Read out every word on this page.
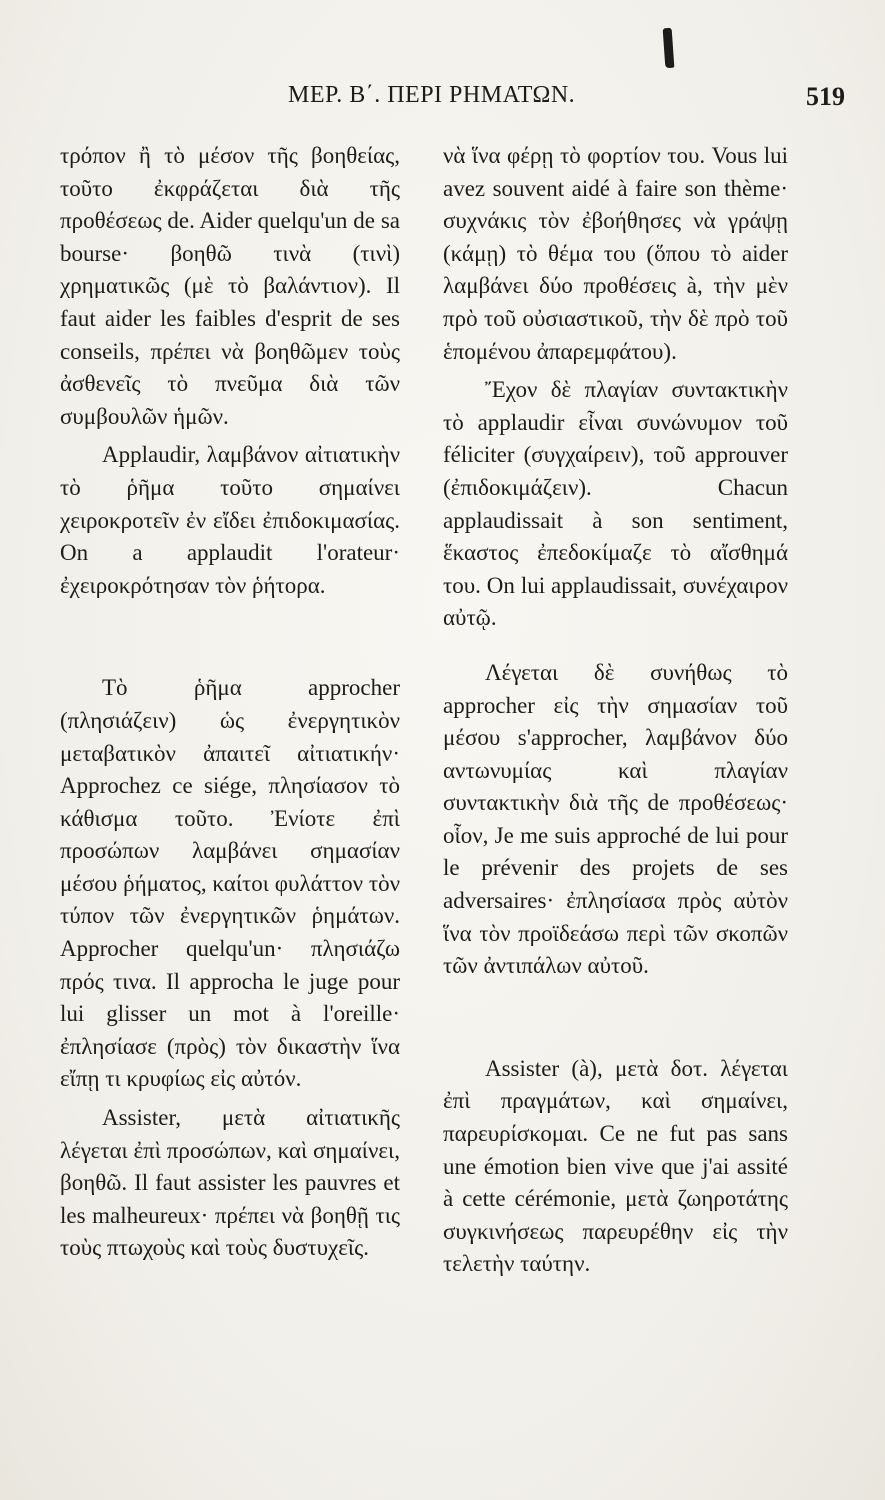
ΜΕΡ. Β΄. ΠΕΡΙ ΡΗΜΑΤΩΝ.	519

τρόπον ἢ τὸ μέσον τῆς βοηθείας, τοῦτο ἐκφράζεται διὰ τῆς προθέσεως de. Aider quelqu'un de sa bourse· βοηθῶ τινὰ (τινὶ) χρηματικῶς (μὲ τὸ βαλάντιον). Il faut aider les faibles d'esprit de ses conseils, πρέπει νὰ βοηθῶμεν τοὺς ἀσθενεῖς τὸ πνεῦμα διὰ τῶν συμβουλῶν ἡμῶν.

Applaudir, λαμβάνον αἰτιατικὴν τὸ ῥῆμα τοῦτο σημαίνει χειροκροτεῖν ἐν εἴδει ἐπιδοκιμασίας. On a applaudit l'orateur· ἐχειροκρότησαν τὸν ῥήτορα.

Τὸ ῥῆμα approcher (πλησιάζειν) ὡς ἐνεργητικὸν μεταβατικὸν ἀπαιτεῖ αἰτιατικήν· Approchez ce siége, πλησίασον τὸ κάθισμα τοῦτο. Ἐνίοτε ἐπὶ προσώπων λαμβάνει σημασίαν μέσου ῥήματος, καίτοι φυλάττον τὸν τύπον τῶν ἐνεργητικῶν ῥημάτων. Approcher quelqu'un· πλησιάζω πρός τινα. Il approcha le juge pour lui glisser un mot à l'oreille· ἐπλησίασε (πρὸς) τὸν δικαστὴν ἵνα εἴπῃ τι κρυφίως εἰς αὐτόν.

Assister, μετὰ αἰτιατικῆς λέγεται ἐπὶ προσώπων, καὶ σημαίνει, βοηθῶ. Il faut assister les pauvres et les malheureux· πρέπει νὰ βοηθῇ τις τοὺς πτωχοὺς καὶ τοὺς δυστυχεῖς.

νὰ ἵνα φέρῃ τὸ φορτίον του. Vous lui avez souvent aidé à faire son thème· συχνάκις τὸν ἐβοήθησες νὰ γράψῃ (κάμῃ) τὸ θέμα του (ὅπου τὸ aider λαμβάνει δύο προθέσεις à, τὴν μὲν πρὸ τοῦ οὐσιαστικοῦ, τὴν δὲ πρὸ τοῦ ἑπομένου ἀπαρεμφάτου).

Ἔχον δὲ πλαγίαν συντακτικὴν τὸ applaudir εἶναι συνώνυμον τοῦ féliciter (συγχαίρειν), τοῦ approuver (ἐπιδοκιμάζειν). Chacun applaudissait à son sentiment, ἕκαστος ἐπεδοκίμαζε τὸ αἴσθημά του. On lui applaudissait, συνέχαιρον αὐτῷ.

Λέγεται δὲ συνήθως τὸ approcher εἰς τὴν σημασίαν τοῦ μέσου s'approcher, λαμβάνον δύο αντωνυμίας καὶ πλαγίαν συντακτικὴν διὰ τῆς de προθέσεως· οἷον, Je me suis approché de lui pour le prévenir des projets de ses adversaires· ἐπλησίασα πρὸς αὐτὸν ἵνα τὸν προϊδεάσω περὶ τῶν σκοπῶν τῶν ἀντιπάλων αὐτοῦ.

Assister (à), μετὰ δοτ. λέγεται ἐπὶ πραγμάτων, καὶ σημαίνει, παρευρίσκομαι. Ce ne fut pas sans une émotion bien vive que j'ai assité à cette cérémonie, μετὰ ζωηροτάτης συγκινήσεως παρευρέθην εἰς τὴν τελετὴν ταύτην.
